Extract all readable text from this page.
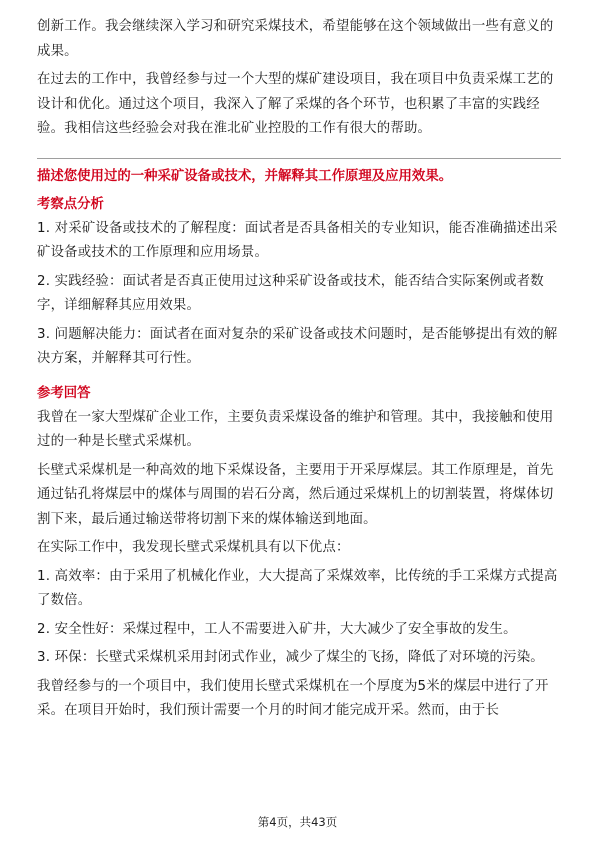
创新工作。我会继续深入学习和研究采煤技术，希望能够在这个领域做出一些有意义的成果。

在过去的工作中，我曾经参与过一个大型的煤矿建设项目，我在项目中负责采煤工艺的设计和优化。通过这个项目，我深入了解了采煤的各个环节，也积累了丰富的实践经验。我相信这些经验会对我在淮北矿业控股的工作有很大的帮助。

描述您使用过的一种采矿设备或技术，并解释其工作原理及应用效果。
考察点分析

1. 对采矿设备或技术的了解程度：面试者是否具备相关的专业知识，能否准确描述出采矿设备或技术的工作原理和应用场景。

2. 实践经验：面试者是否真正使用过这种采矿设备或技术，能否结合实际案例或者数字，详细解释其应用效果。

3. 问题解决能力：面试者在面对复杂的采矿设备或技术问题时，是否能够提出有效的解决方案，并解释其可行性。

参考回答

我曾在一家大型煤矿企业工作，主要负责采煤设备的维护和管理。其中，我接触和使用过的一种是长壁式采煤机。

长壁式采煤机是一种高效的地下采煤设备，主要用于开采厚煤层。其工作原理是，首先通过钻孔将煤层中的煤体与周围的岩石分离，然后通过采煤机上的切割装置，将煤体切割下来，最后通过输送带将切割下来的煤体输送到地面。

在实际工作中，我发现长壁式采煤机具有以下优点：

1. 高效率：由于采用了机械化作业，大大提高了采煤效率，比传统的手工采煤方式提高了数倍。

2. 安全性好：采煤过程中，工人不需要进入矿井，大大减少了安全事故的发生。

3. 环保：长壁式采煤机采用封闭式作业，减少了煤尘的飞扬，降低了对环境的污染。

我曾经参与的一个项目中，我们使用长壁式采煤机在一个厚度为5米的煤层中进行了开采。在项目开始时，我们预计需要一个月的时间才能完成开采。然而，由于长

第4页，共43页
